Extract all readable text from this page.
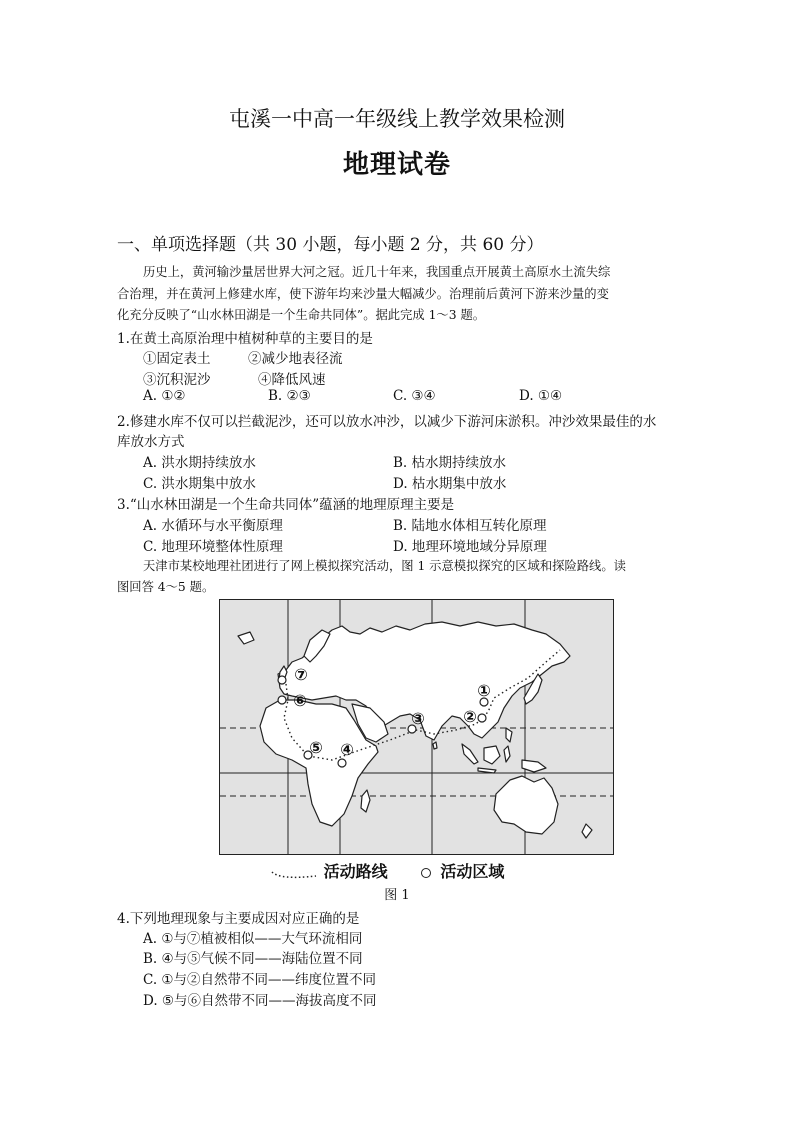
屯溪一中高一年级线上教学效果检测
地理试卷
一、单项选择题（共 30 小题，每小题 2 分，共 60 分）
历史上，黄河输沙量居世界大河之冠。近几十年来，我国重点开展黄土高原水土流失综
合治理，并在黄河上修建水库，使下游年均来沙量大幅减少。治理前后黄河下游来沙量的变
化充分反映了“山水林田湖是一个生命共同体”。据此完成 1～3 题。
1.在黄土高原治理中植树种草的主要目的是
①固定表土	②减少地表径流
③沉积泥沙	④降低风速
A. ①②	B. ②③	C. ③④	D. ①④
2.修建水库不仅可以拦截泥沙，还可以放水冲沙，以减少下游河床淤积。冲沙效果最佳的水
库放水方式
A. 洪水期持续放水	B. 枯水期持续放水
C. 洪水期集中放水	D. 枯水期集中放水
3.“山水林田湖是一个生命共同体”蕴涵的地理原理主要是
A. 水循环与水平衡原理	B. 陆地水体相互转化原理
C. 地理环境整体性原理	D. 地理环境地域分异原理
天津市某校地理社团进行了网上模拟探究活动，图 1 示意模拟探究的区域和探险路线。读
图回答 4～5 题。
①
②
③
④
⑤
⑥
⑦
活动路线	活动区域
图 1
4.下列地理现象与主要成因对应正确的是
A. ①与⑦植被相似——大气环流相同
B. ④与⑤气候不同——海陆位置不同
C. ①与②自然带不同——纬度位置不同
D. ⑤与⑥自然带不同——海拔高度不同
